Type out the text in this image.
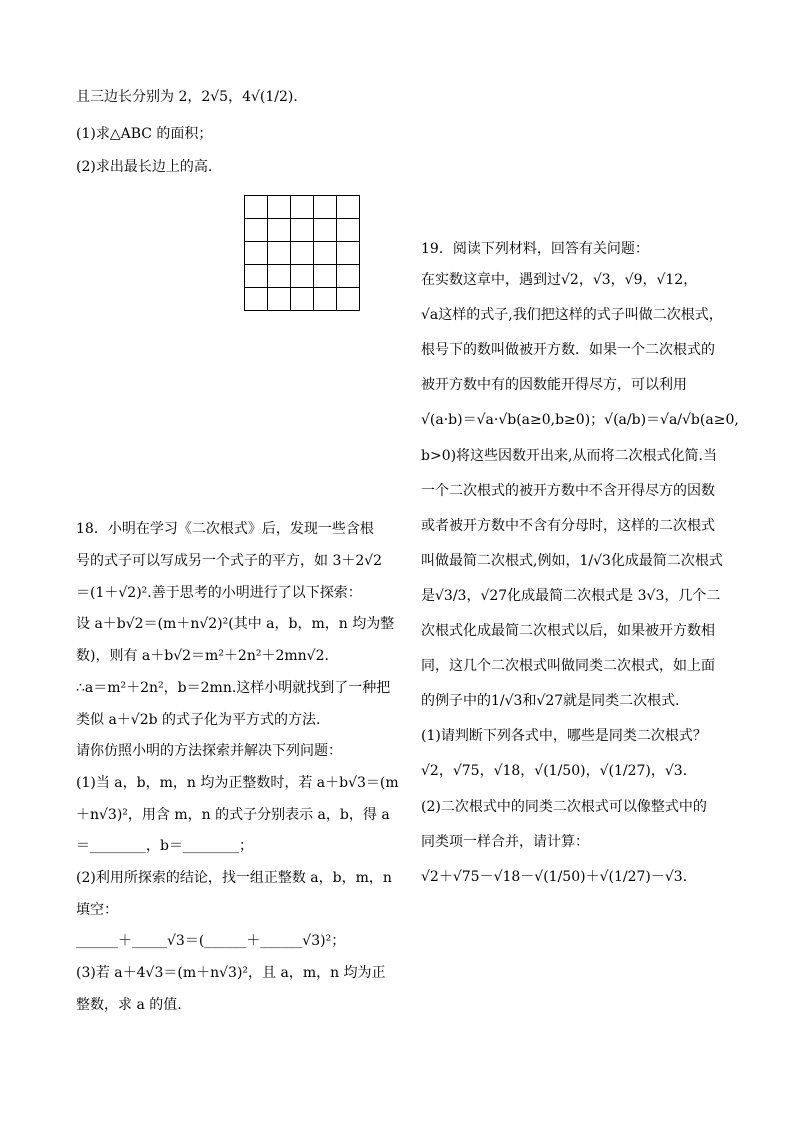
且三边长分别为 2，2√5，4√(1/2).
(1)求△ABC 的面积；
(2)求出最长边上的高.
18．小明在学习《二次根式》后，发现一些含根
号的式子可以写成另一个式子的平方，如 3＋2√2
＝(1＋√2)².善于思考的小明进行了以下探索：
设 a＋b√2＝(m＋n√2)²(其中 a，b，m，n 均为整
数)，则有 a＋b√2＝m²＋2n²＋2mn√2.
∴a＝m²＋2n²，b＝2mn.这样小明就找到了一种把
类似 a＋√2b 的式子化为平方式的方法.
请你仿照小明的方法探索并解决下列问题：
(1)当 a，b，m，n 均为正整数时，若 a＋b√3＝(m
＋n√3)²，用含 m，n 的式子分别表示 a，b，得 a
＝________，b＝________；
(2)利用所探索的结论，找一组正整数 a，b，m，n
填空：
______＋_____√3＝(______＋______√3)²；
(3)若 a＋4√3＝(m＋n√3)²，且 a，m，n 均为正
整数，求 a 的值.
19．阅读下列材料，回答有关问题：
在实数这章中，遇到过√2，√3，√9，√12，
√a这样的式子,我们把这样的式子叫做二次根式，
根号下的数叫做被开方数．如果一个二次根式的
被开方数中有的因数能开得尽方，可以利用
√(a·b)＝√a·√b(a≥0,b≥0)；√(a/b)＝√a/√b(a≥0,
b>0)将这些因数开出来,从而将二次根式化简.当
一个二次根式的被开方数中不含开得尽方的因数
或者被开方数中不含有分母时，这样的二次根式
叫做最简二次根式,例如，1/√3化成最简二次根式
是√3/3，√27化成最简二次根式是 3√3，几个二
次根式化成最简二次根式以后，如果被开方数相
同，这几个二次根式叫做同类二次根式，如上面
的例子中的1/√3和√27就是同类二次根式．
(1)请判断下列各式中，哪些是同类二次根式？
√2，√75，√18，√(1/50)，√(1/27)，√3.
(2)二次根式中的同类二次根式可以像整式中的
同类项一样合并，请计算：
√2＋√75－√18－√(1/50)＋√(1/27)－√3.
